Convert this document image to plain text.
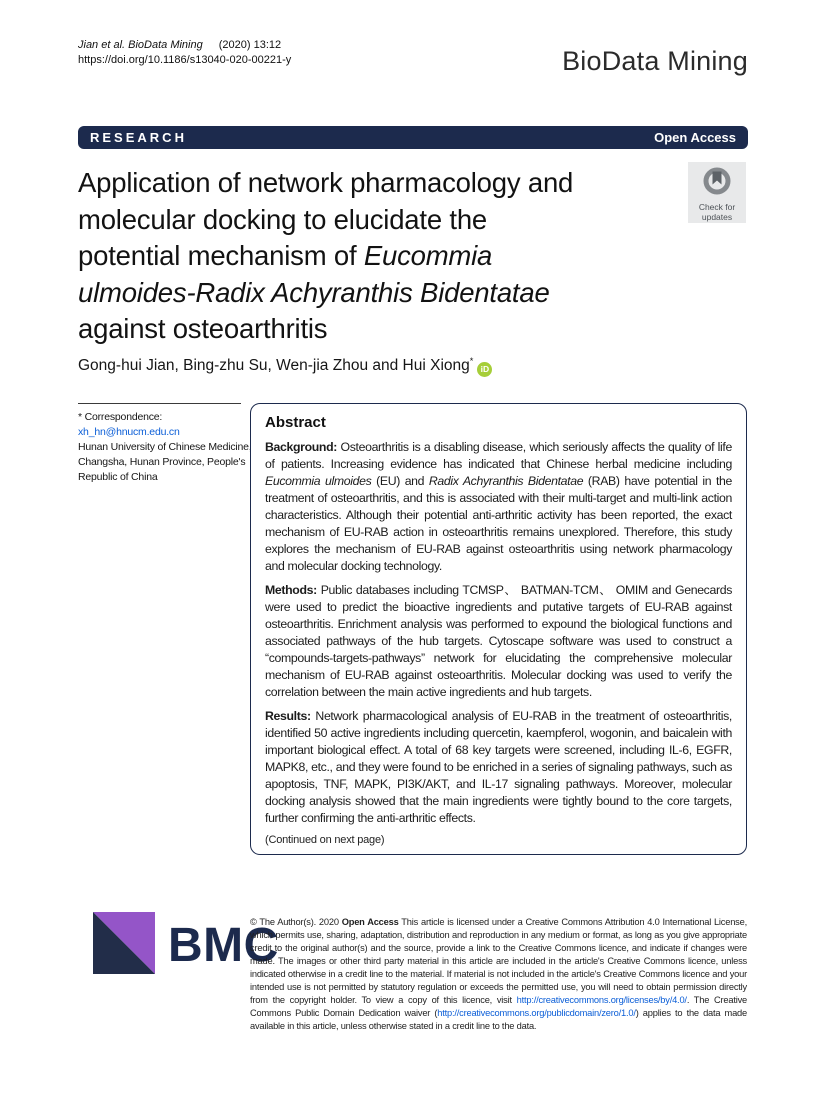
Jian et al. BioData Mining (2020) 13:12
https://doi.org/10.1186/s13040-020-00221-y	BioData Mining
RESEARCH	Open Access
Application of network pharmacology and
molecular docking to elucidate the
potential mechanism of Eucommia
ulmoides-Radix Achyranthis Bidentatae
against osteoarthritis
Check for
updates
Gong-hui Jian, Bing-zhu Su, Wen-jia Zhou and Hui Xiong*iD
* Correspondence: xh_hn@hnucm.edu.cn
Hunan University of Chinese Medicine, Changsha, Hunan Province, People's Republic of China
Abstract

Background: Osteoarthritis is a disabling disease, which seriously affects the quality of life of patients. Increasing evidence has indicated that Chinese herbal medicine including Eucommia ulmoides (EU) and Radix Achyranthis Bidentatae (RAB) have potential in the treatment of osteoarthritis, and this is associated with their multi-target and multi-link action characteristics. Although their potential anti-arthritic activity has been reported, the exact mechanism of EU-RAB action in osteoarthritis remains unexplored. Therefore, this study explores the mechanism of EU-RAB against osteoarthritis using network pharmacology and molecular docking technology.

Methods: Public databases including TCMSP、 BATMAN-TCM、 OMIM and Genecards were used to predict the bioactive ingredients and putative targets of EU-RAB against osteoarthritis. Enrichment analysis was performed to expound the biological functions and associated pathways of the hub targets. Cytoscape software was used to construct a “compounds-targets-pathways” network for elucidating the comprehensive molecular mechanism of EU-RAB against osteoarthritis. Molecular docking was used to verify the correlation between the main active ingredients and hub targets.

Results: Network pharmacological analysis of EU-RAB in the treatment of osteoarthritis, identified 50 active ingredients including quercetin, kaempferol, wogonin, and baicalein with important biological effect. A total of 68 key targets were screened, including IL-6, EGFR, MAPK8, etc., and they were found to be enriched in a series of signaling pathways, such as apoptosis, TNF, MAPK, PI3K/AKT, and IL-17 signaling pathways. Moreover, molecular docking analysis showed that the main ingredients were tightly bound to the core targets, further confirming the anti-arthritic effects.

(Continued on next page)
BMC
© The Author(s). 2020 Open Access This article is licensed under a Creative Commons Attribution 4.0 International License, which permits use, sharing, adaptation, distribution and reproduction in any medium or format, as long as you give appropriate credit to the original author(s) and the source, provide a link to the Creative Commons licence, and indicate if changes were made. The images or other third party material in this article are included in the article's Creative Commons licence, unless indicated otherwise in a credit line to the material. If material is not included in the article's Creative Commons licence and your intended use is not permitted by statutory regulation or exceeds the permitted use, you will need to obtain permission directly from the copyright holder. To view a copy of this licence, visit http://creativecommons.org/licenses/by/4.0/. The Creative Commons Public Domain Dedication waiver (http://creativecommons.org/publicdomain/zero/1.0/) applies to the data made available in this article, unless otherwise stated in a credit line to the data.
